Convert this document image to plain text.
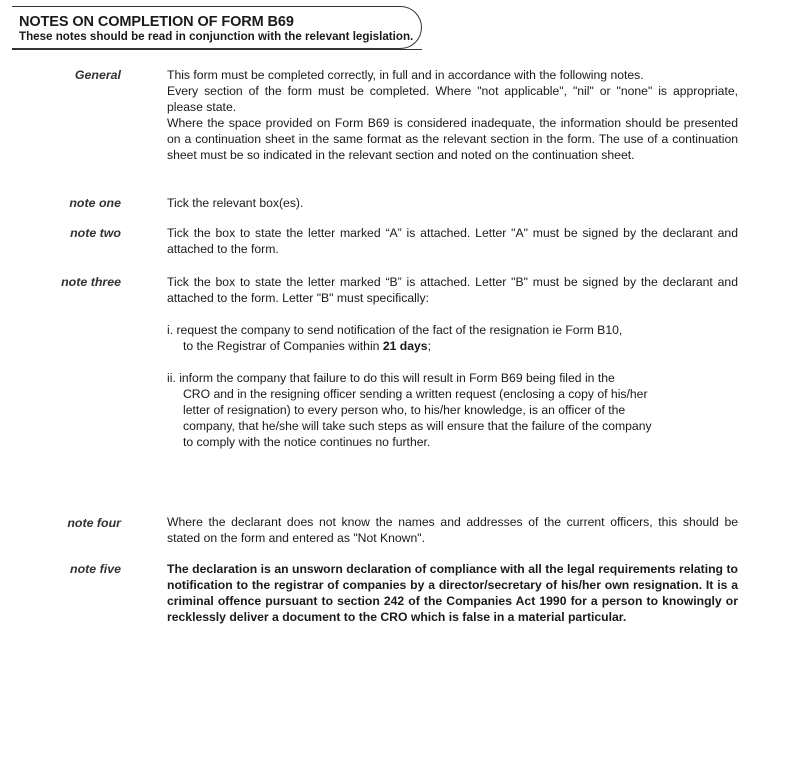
NOTES ON COMPLETION OF FORM B69
These notes should be read in conjunction with the relevant legislation.
General	This form must be completed correctly, in full and in accordance with the following notes.

Every section of the form must be completed. Where "not applicable", "nil" or "none" is appropriate, please state.

Where the space provided on Form B69 is considered inadequate, the information should be presented on a continuation sheet in the same format as the relevant section in the form. The use of a continuation sheet must be so indicated in the relevant section and noted on the continuation sheet.

note one	Tick the relevant box(es).
note two	Tick the box to state the letter marked “A” is attached. Letter "A" must be signed by the declarant and attached to the form.
note three	Tick the box to state the letter marked “B” is attached. Letter "B" must be signed by the declarant and attached to the form. Letter "B" must specifically:

i. request the company to send notification of the fact of the resignation ie Form B10,

to the Registrar of Companies within 21 days;

ii. inform the company that failure to do this will result in Form B69 being filed in the

CRO and in the resigning officer sending a written request (enclosing a copy of his/her

letter of resignation) to every person who, to his/her knowledge, is an officer of the

company, that he/she will take such steps as will ensure that the failure of the company

to comply with the notice continues no further.

note four	Where the declarant does not know the names and addresses of the current officers, this should be stated on the form and entered as "Not Known".
note five	The declaration is an unsworn declaration of compliance with all the legal requirements relating to notification to the registrar of companies by a director/secretary of his/her own resignation. It is a criminal offence pursuant to section 242 of the Companies Act 1990 for a person to knowingly or recklessly deliver a document to the CRO which is false in a material particular.
